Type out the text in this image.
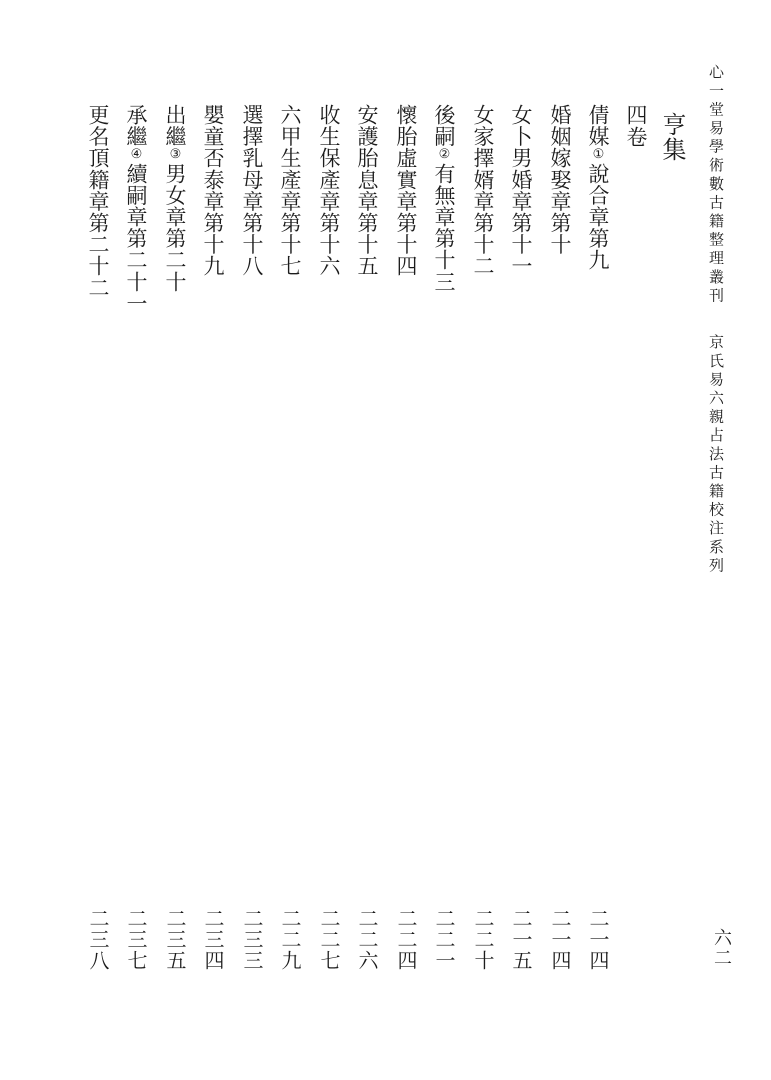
心一堂易學術數古籍整理叢刊
京氏易六親占法古籍校注系列
六二
亨集
四卷
倩媒①說合章第九
二一四
婚姻嫁娶章第十
二一四
女卜男婚章第十一
二一五
女家擇婿章第十二
二二十
後嗣②有無章第十三
二二一
懷胎虛實章第十四
二二四
安護胎息章第十五
二二六
收生保產章第十六
二二七
六甲生產章第十七
二二九
選擇乳母章第十八
二三三
嬰童否泰章第十九
二三四
出繼③男女章第二十
二三五
承繼④續嗣章第二十一
二三七
更名頂籍章第二十二
二三八
